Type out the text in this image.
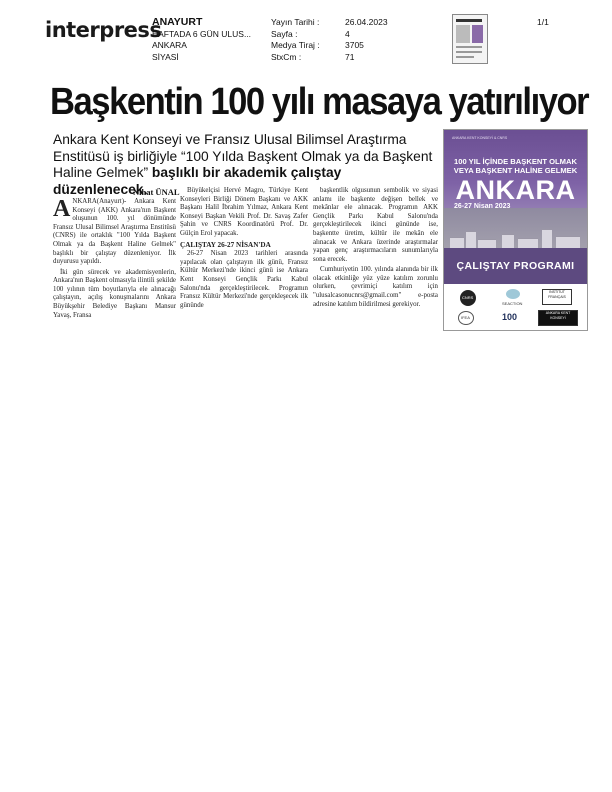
interpress
ANAYURT
HAFTADA 6 GÜN ULUS...
ANKARA
SİYASİ
Yayın Tarihi :
Sayfa :
Medya Tiraj :
StxCm :
26.04.2023
4
3705
71
1/1
Başkentin 100 yılı masaya yatırılıyor
Ankara Kent Konseyi ve Fransız Ulusal Bilimsel Araştırma Enstitüsü iş birliğiyle “100 Yılda Başkent Olmak ya da Başkent Haline Gelmek” başlıklı bir akademik çalıştay düzenlenecek.
Nihat ÜNAL

ANKARA(Anayurt)- Ankara Kent Konseyi (AKK) Ankara'nın Başkent oluşunun 100. yıl dönümünde Fransız Ulusal Bilimsel Araştırma Enstitüsü (CNRS) ile ortaklık "100 Yılda Başkent Olmak ya da Başkent Haline Gelmek" başlıklı bir çalıştay düzenleniyor. İlk duyurusu yapıldı.

İki gün sürecek ve akademisyenlerin, Ankara'nın Başkent olmasıyla ilintili şekilde 100 yılının tüm boyutlarıyla ele alınacağı çalıştayın, açılış konuşmalarını Ankara Büyükşehir Belediye Başkanı Mansur Yavaş, Fransa

Büyükelçisi Hervé Magro, Türkiye Kent Konseyleri Birliği Dönem Başkanı ve AKK Başkanı Halil İbrahim Yılmaz, Ankara Kent Konseyi Başkan Vekili Prof. Dr. Savaş Zafer Şahin ve CNRS Koordinatörü Prof. Dr. Gülçin Erol yapacak.

ÇALIŞTAY 26-27 NİSAN'DA

26-27 Nisan 2023 tarihleri arasında yapılacak olan çalıştayın ilk günü, Fransız Kültür Merkezi'nde ikinci günü ise Ankara Kent Konseyi Gençlik Parkı Kabul Salonu'nda gerçekleştirilecek. Programın Fransız Kültür Merkezi'nde gerçekleşecek ilk gününde

başkentlik olgusunun sembolik ve siyasi anlamı ile başkente değişen bellek ve mekânlar ele alınacak. Programın AKK Gençlik Parkı Kabul Salonu'nda gerçekleştirilecek ikinci gününde ise, başkentte üretim, kültür ile mekân ele alınacak ve Ankara üzerinde araştırmalar yapan genç araştırmacıların sunumlarıyla sona erecek.

Cumhuriyetin 100. yılında alanında bir ilk olacak etkinliğe yüz yüze katılım zorunlu olurken, çevrimiçi katılım için "ulusalcasonucnrs@gmail.com" e-posta adresine katılım bildirilmesi gerekiyor.

ANKARA KENT KONSEYİ & CNRS
100 YIL İÇİNDE BAŞKENT OLMAK
VEYA BAŞKENT HALİNE GELMEK
ANKARA
26-27 Nisan 2023
ÇALIŞTAY PROGRAMI
CNRS
SEACTION
INSTITUT FRANÇAIS
IFEA	100	ANKARA KENT KONSEYİ
